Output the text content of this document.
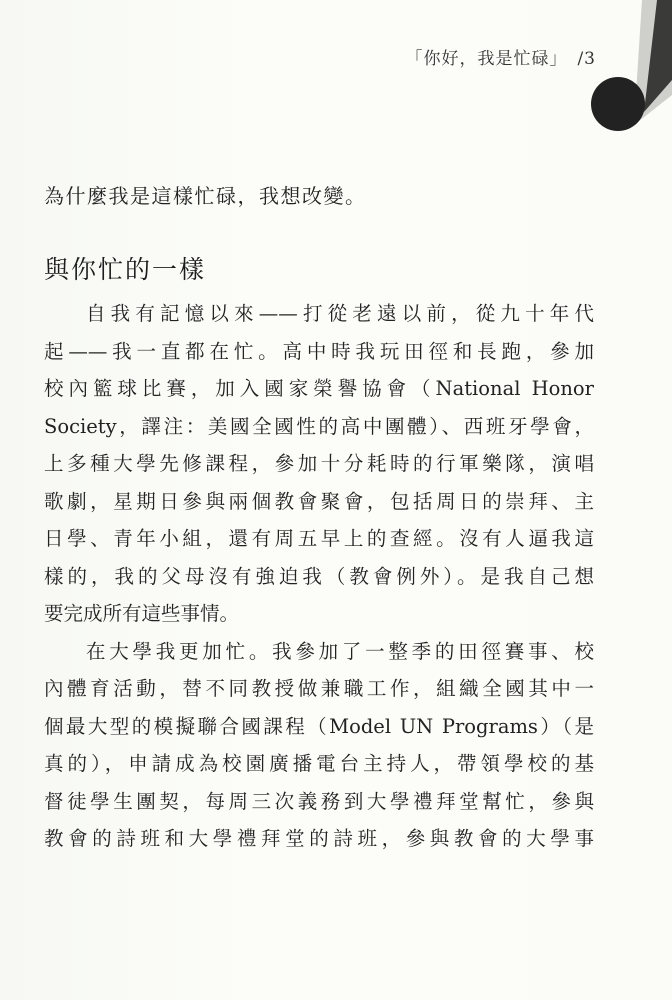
「你好，我是忙碌」 /3
為什麼我是這樣忙碌，我想改變。
與你忙的一樣
自我有記憶以來——打從老遠以前，從九十年代
起——我一直都在忙。高中時我玩田徑和長跑，參加
校內籃球比賽，加入國家榮譽協會（National Honor
Society，譯注：美國全國性的高中團體）、西班牙學會，
上多種大學先修課程，參加十分耗時的行軍樂隊，演唱
歌劇，星期日參與兩個教會聚會，包括周日的崇拜、主
日學、青年小組，還有周五早上的查經。沒有人逼我這
樣的，我的父母沒有強迫我（教會例外）。是我自己想
要完成所有這些事情。
在大學我更加忙。我參加了一整季的田徑賽事、校
內體育活動，替不同教授做兼職工作，組織全國其中一
個最大型的模擬聯合國課程（Model UN Programs）（是
真的），申請成為校園廣播電台主持人，帶領學校的基
督徒學生團契，每周三次義務到大學禮拜堂幫忙，參與
教會的詩班和大學禮拜堂的詩班，參與教會的大學事
